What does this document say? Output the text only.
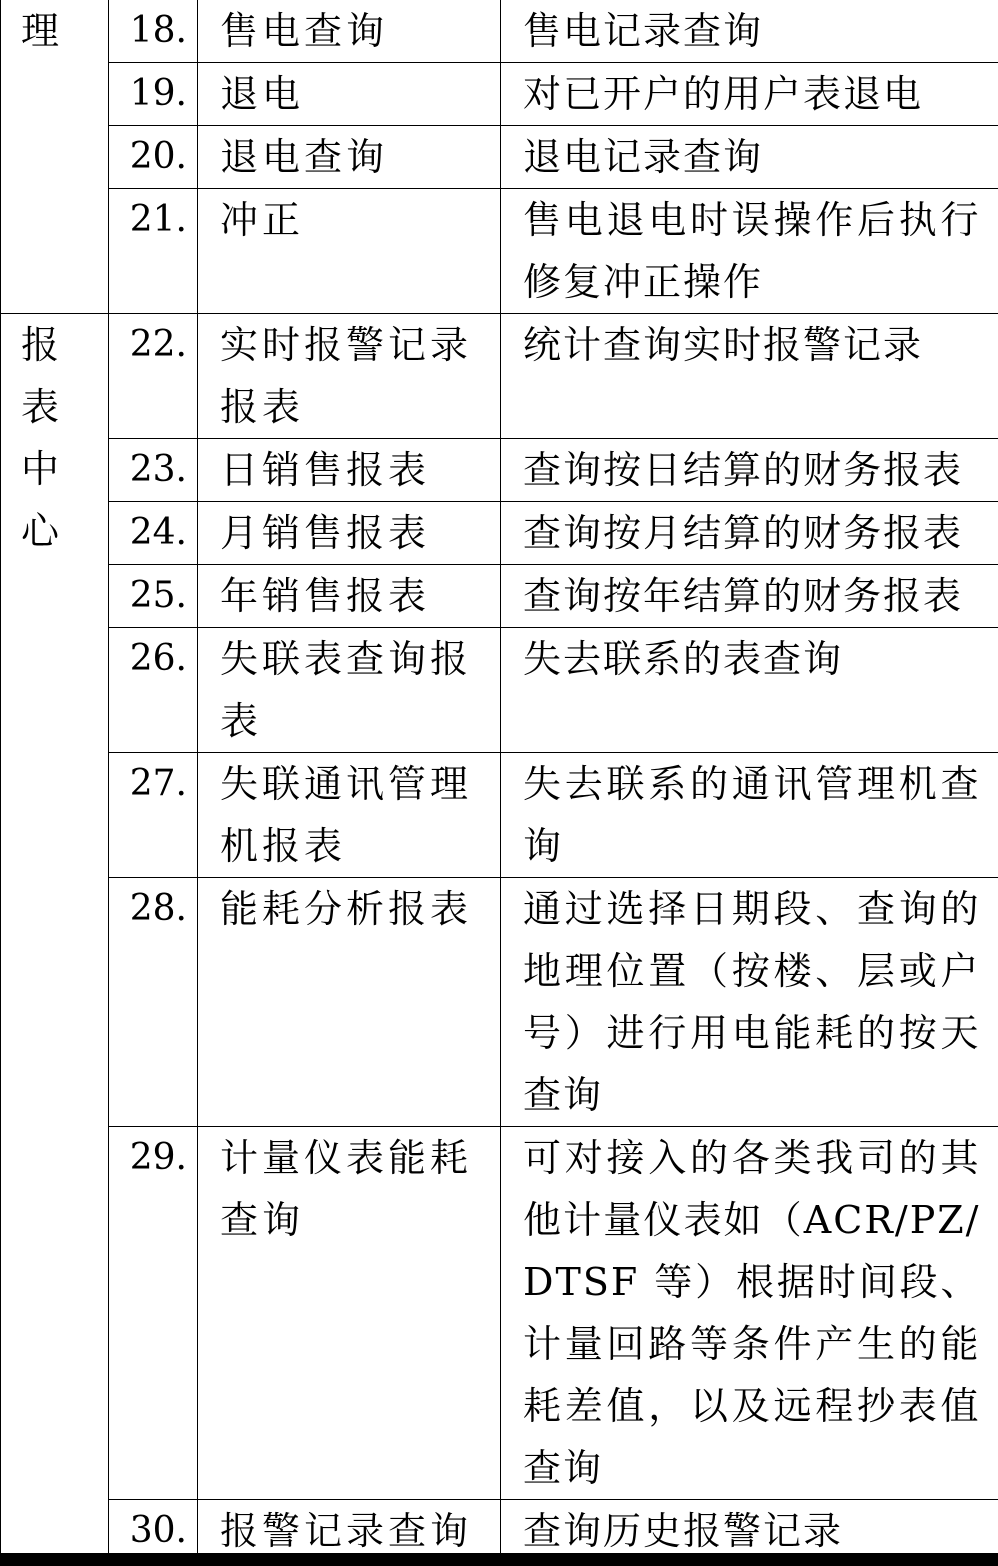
理	18.	售电查询	售电记录查询
	19.	退电	对已开户的用户表退电
	20.	退电查询	退电记录查询
	21.	冲正	售电退电时误操作后执行修复冲正操作

报表中心	22.	实时报警记录报表	统计查询实时报警记录
	23.	日销售报表	查询按日结算的财务报表
	24.	月销售报表	查询按月结算的财务报表
	25.	年销售报表	查询按年结算的财务报表
	26.	失联表查询报表	失去联系的表查询
	27.	失联通讯管理机报表	失去联系的通讯管理机查询
	28.	能耗分析报表	通过选择日期段、查询的地理位置（按楼、层或户号）进行用电能耗的按天查询
	29.	计量仪表能耗查询	可对接入的各类我司的其他计量仪表如（ACR/PZ/DTSF 等）根据时间段、计量回路等条件产生的能耗差值，以及远程抄表值查询
	30.	报警记录查询	查询历史报警记录
